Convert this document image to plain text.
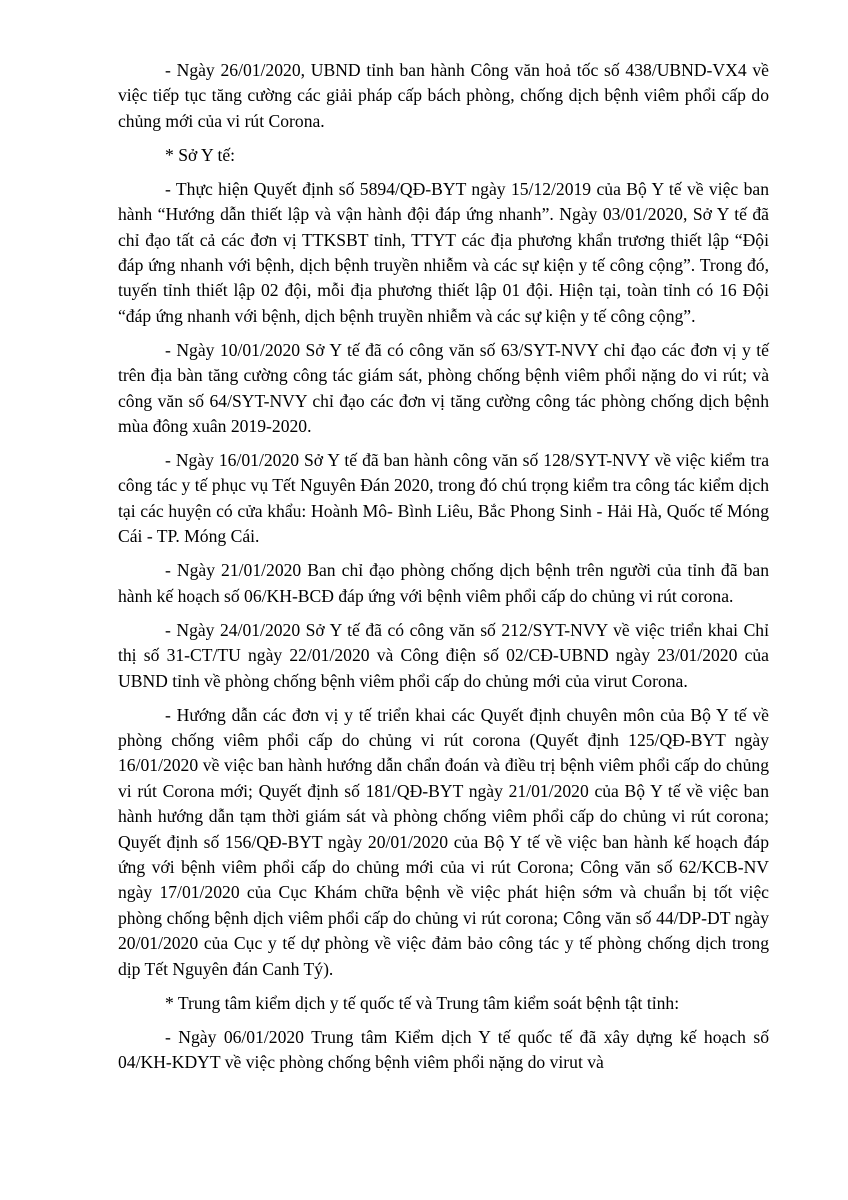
- Ngày 26/01/2020, UBND tỉnh ban hành Công văn hoả tốc số 438/UBND-VX4 về việc tiếp tục tăng cường các giải pháp cấp bách phòng, chống dịch bệnh viêm phổi cấp do chủng mới của vi rút Corona.

* Sở Y tế:

- Thực hiện Quyết định số 5894/QĐ-BYT ngày 15/12/2019 của Bộ Y tế về việc ban hành “Hướng dẫn thiết lập và vận hành đội đáp ứng nhanh”. Ngày 03/01/2020, Sở Y tế đã chỉ đạo tất cả các đơn vị TTKSBT tỉnh, TTYT các địa phương khẩn trương thiết lập “Đội đáp ứng nhanh với bệnh, dịch bệnh truyền nhiễm và các sự kiện y tế công cộng”. Trong đó, tuyến tỉnh thiết lập 02 đội, mỗi địa phương thiết lập 01 đội. Hiện tại, toàn tỉnh có 16 Đội “đáp ứng nhanh với bệnh, dịch bệnh truyền nhiễm và các sự kiện y tế công cộng”.

- Ngày 10/01/2020 Sở Y tế đã có công văn số 63/SYT-NVY chỉ đạo các đơn vị y tế trên địa bàn tăng cường công tác giám sát, phòng chống bệnh viêm phổi nặng do vi rút; và công văn số 64/SYT-NVY chỉ đạo các đơn vị tăng cường công tác phòng chống dịch bệnh mùa đông xuân 2019-2020.

- Ngày 16/01/2020 Sở Y tế đã ban hành công văn số 128/SYT-NVY về việc kiểm tra công tác y tế phục vụ Tết Nguyên Đán 2020, trong đó chú trọng kiểm tra công tác kiểm dịch tại các huyện có cửa khẩu: Hoành Mô- Bình Liêu, Bắc Phong Sinh - Hải Hà, Quốc tế Móng Cái - TP. Móng Cái.

- Ngày 21/01/2020 Ban chỉ đạo phòng chống dịch bệnh trên người của tỉnh đã ban hành kế hoạch số 06/KH-BCĐ đáp ứng với bệnh viêm phổi cấp do chủng vi rút corona.

- Ngày 24/01/2020 Sở Y tế đã có công văn số 212/SYT-NVY về việc triển khai Chỉ thị số 31-CT/TU ngày 22/01/2020 và Công điện số 02/CĐ-UBND ngày 23/01/2020 của UBND tỉnh về phòng chống bệnh viêm phổi cấp do chủng mới của virut Corona.

- Hướng dẫn các đơn vị y tế triển khai các Quyết định chuyên môn của Bộ Y tế về phòng chống viêm phổi cấp do chủng vi rút corona (Quyết định 125/QĐ-BYT ngày 16/01/2020 về việc ban hành hướng dẫn chẩn đoán và điều trị bệnh viêm phổi cấp do chủng vi rút Corona mới; Quyết định số 181/QĐ-BYT ngày 21/01/2020 của Bộ Y tế về việc ban hành hướng dẫn tạm thời giám sát và phòng chống viêm phổi cấp do chủng vi rút corona; Quyết định số 156/QĐ-BYT ngày 20/01/2020 của Bộ Y tế về việc ban hành kế hoạch đáp ứng với bệnh viêm phổi cấp do chủng mới của vi rút Corona; Công văn số 62/KCB-NV ngày 17/01/2020 của Cục Khám chữa bệnh về việc phát hiện sớm và chuẩn bị tốt việc phòng chống bệnh dịch viêm phổi cấp do chủng vi rút corona; Công văn số 44/DP-DT ngày 20/01/2020 của Cục y tế dự phòng về việc đảm bảo công tác y tế phòng chống dịch trong dịp Tết Nguyên đán Canh Tý).

* Trung tâm kiểm dịch y tế quốc tế và Trung tâm kiểm soát bệnh tật tỉnh:

- Ngày 06/01/2020 Trung tâm Kiểm dịch Y tế quốc tế đã xây dựng kế hoạch số 04/KH-KDYT về việc phòng chống bệnh viêm phổi nặng do virut và
